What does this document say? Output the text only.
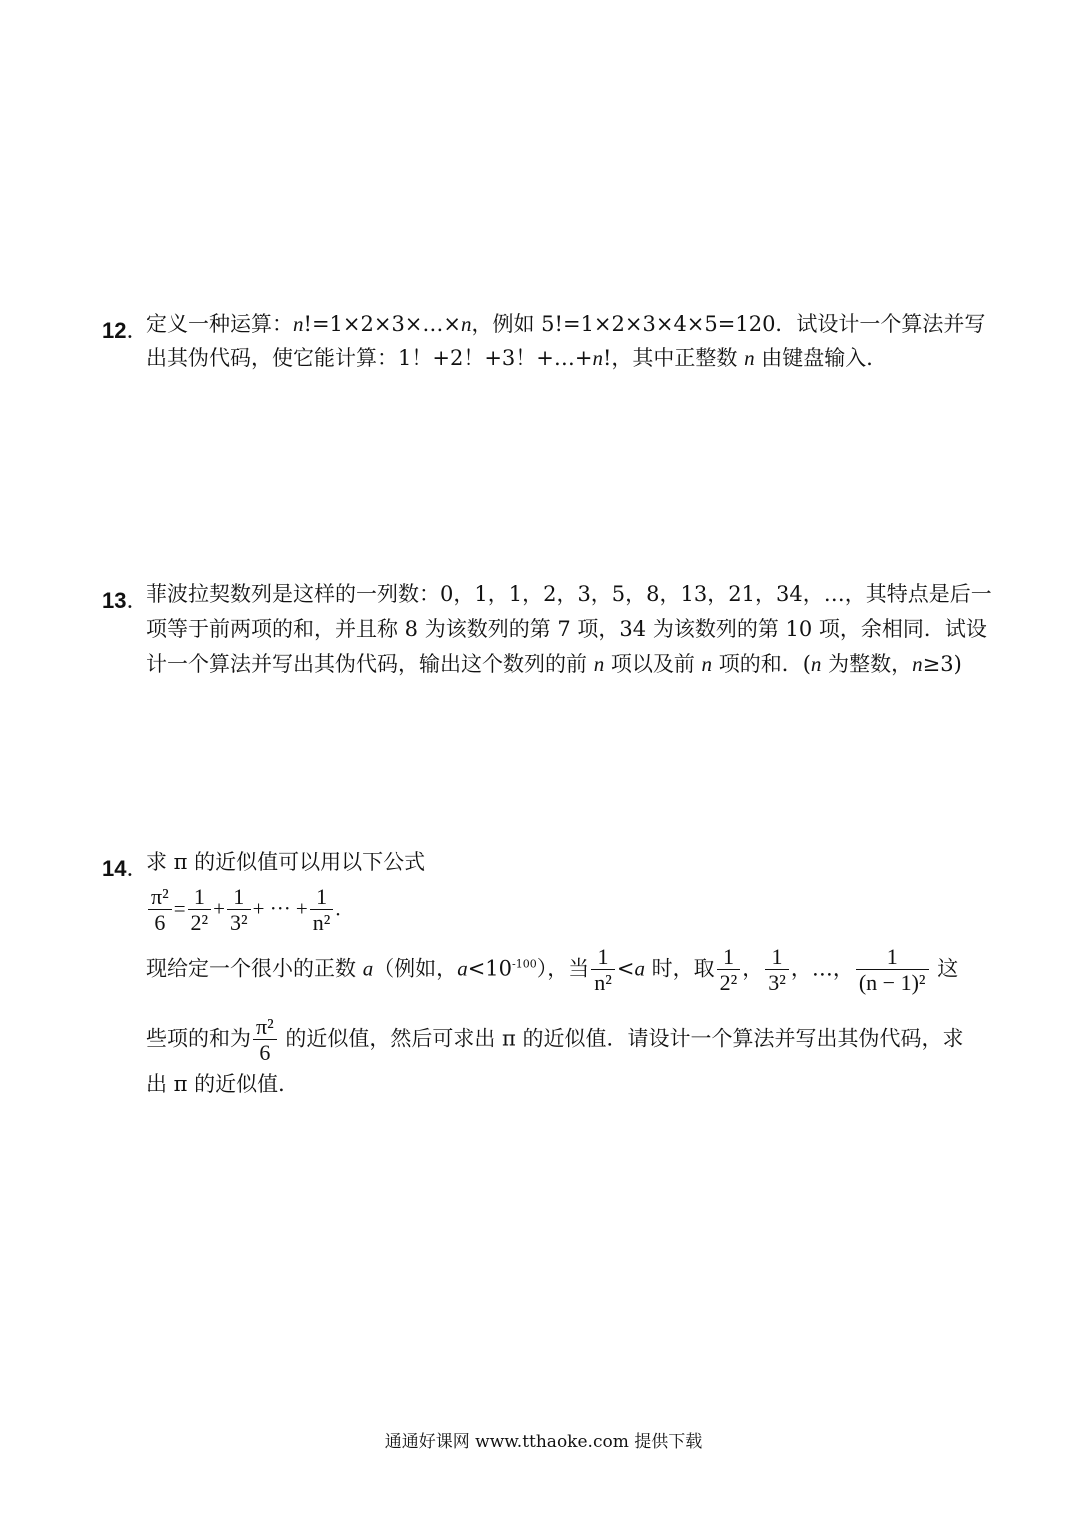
12．
定义一种运算：n!=1×2×3×…×n，例如 5!=1×2×3×4×5=120．试设计一个算法并写
出其伪代码，使它能计算：1！+2！+3！+…+n!，其中正整数 n 由键盘输入．
13．
菲波拉契数列是这样的一列数：0，1，1，2，3，5，8，13，21，34，…，其特点是后一
项等于前两项的和，并且称 8 为该数列的第 7 项，34 为该数列的第 10 项，余相同．试设
计一个算法并写出其伪代码，输出这个数列的前 n 项以及前 n 项的和．(n 为整数，n≥3)
14．
求 π 的近似值可以用以下公式
$\frac{\text{π²}}{6} = \frac{1}{\text{2²}} + \frac{1}{\text{3²}}$ + ··· + $\frac{1}{\text{n²}}$ .
现给定一个很小的正数 a（例如，$a<10^{-100}$），当 $\frac{1}{\text{n²}} <a$ 时，取 $\frac{1}{\text{2²}}$ ， $\frac{1}{\text{3²}}$ ，…， $\frac{1}{\text{(n − 1)²}}$ 这
些项的和为 $\frac{\text{π²}}{6}$ 的近似值，然后可求出 π 的近似值．请设计一个算法并写出其伪代码，求
出 π 的近似值．
通通好课网 www.tthaoke.com 提供下载
